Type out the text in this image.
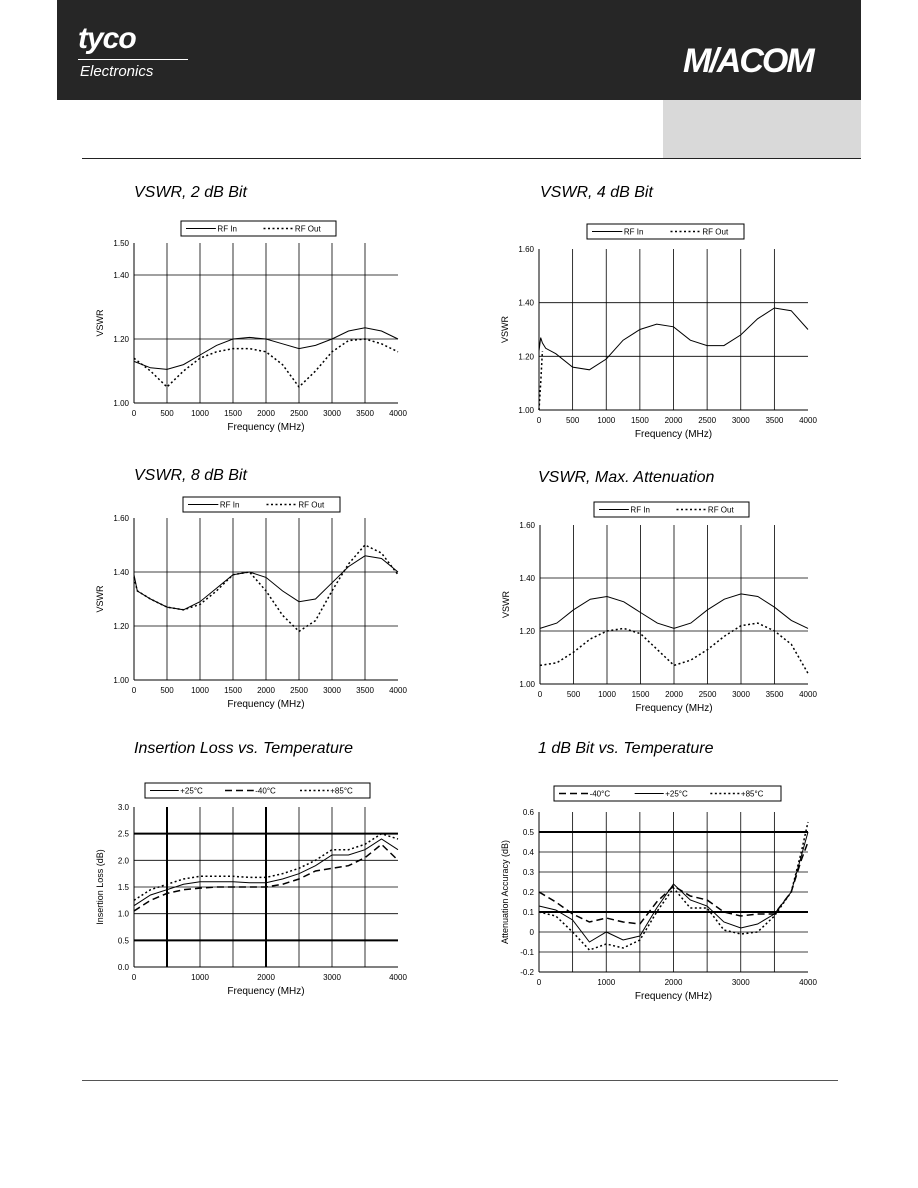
tyco
Electronics	M/ACOM
VSWR, 2 dB Bit	VSWR, 4 dB Bit
VSWR, 8 dB Bit	VSWR, Max. Attenuation
Insertion Loss vs. Temperature	1 dB Bit vs. Temperature
0	500 1000 1500 2000 2500 3000 3500 4000
1.00
1.20
1.40
1.50
Frequency (MHz)
VSWR
RF In	RF Out
0	500 1000 1500 2000 2500 3000 3500 4000
1.00
1.20
1.40
1.60
Frequency (MHz)
VSWR
RF In	RF Out
0	500 1000 1500 2000 2500 3000 3500 4000
1.00
1.20
1.40
1.60
Frequency (MHz)
VSWR
RF In	RF Out
0	500 1000 1500 2000 2500 3000 3500 4000
1.00
1.20
1.40
1.60
Frequency (MHz)
VSWR
RF In	RF Out
0	1000	2000	3000	4000
0.0
0.5
1.0
1.5
2.0
2.5
3.0
Frequency (MHz)
Insertion Loss (dB)
+25°C	-40°C	+85°C
0	1000	2000	3000	4000
-0.2
-0.1
0
0.1
0.2
0.3
0.4
0.5
0.6
Frequency (MHz)
Attenuation Accuracy (dB)
-40°C	+25°C	+85°C
